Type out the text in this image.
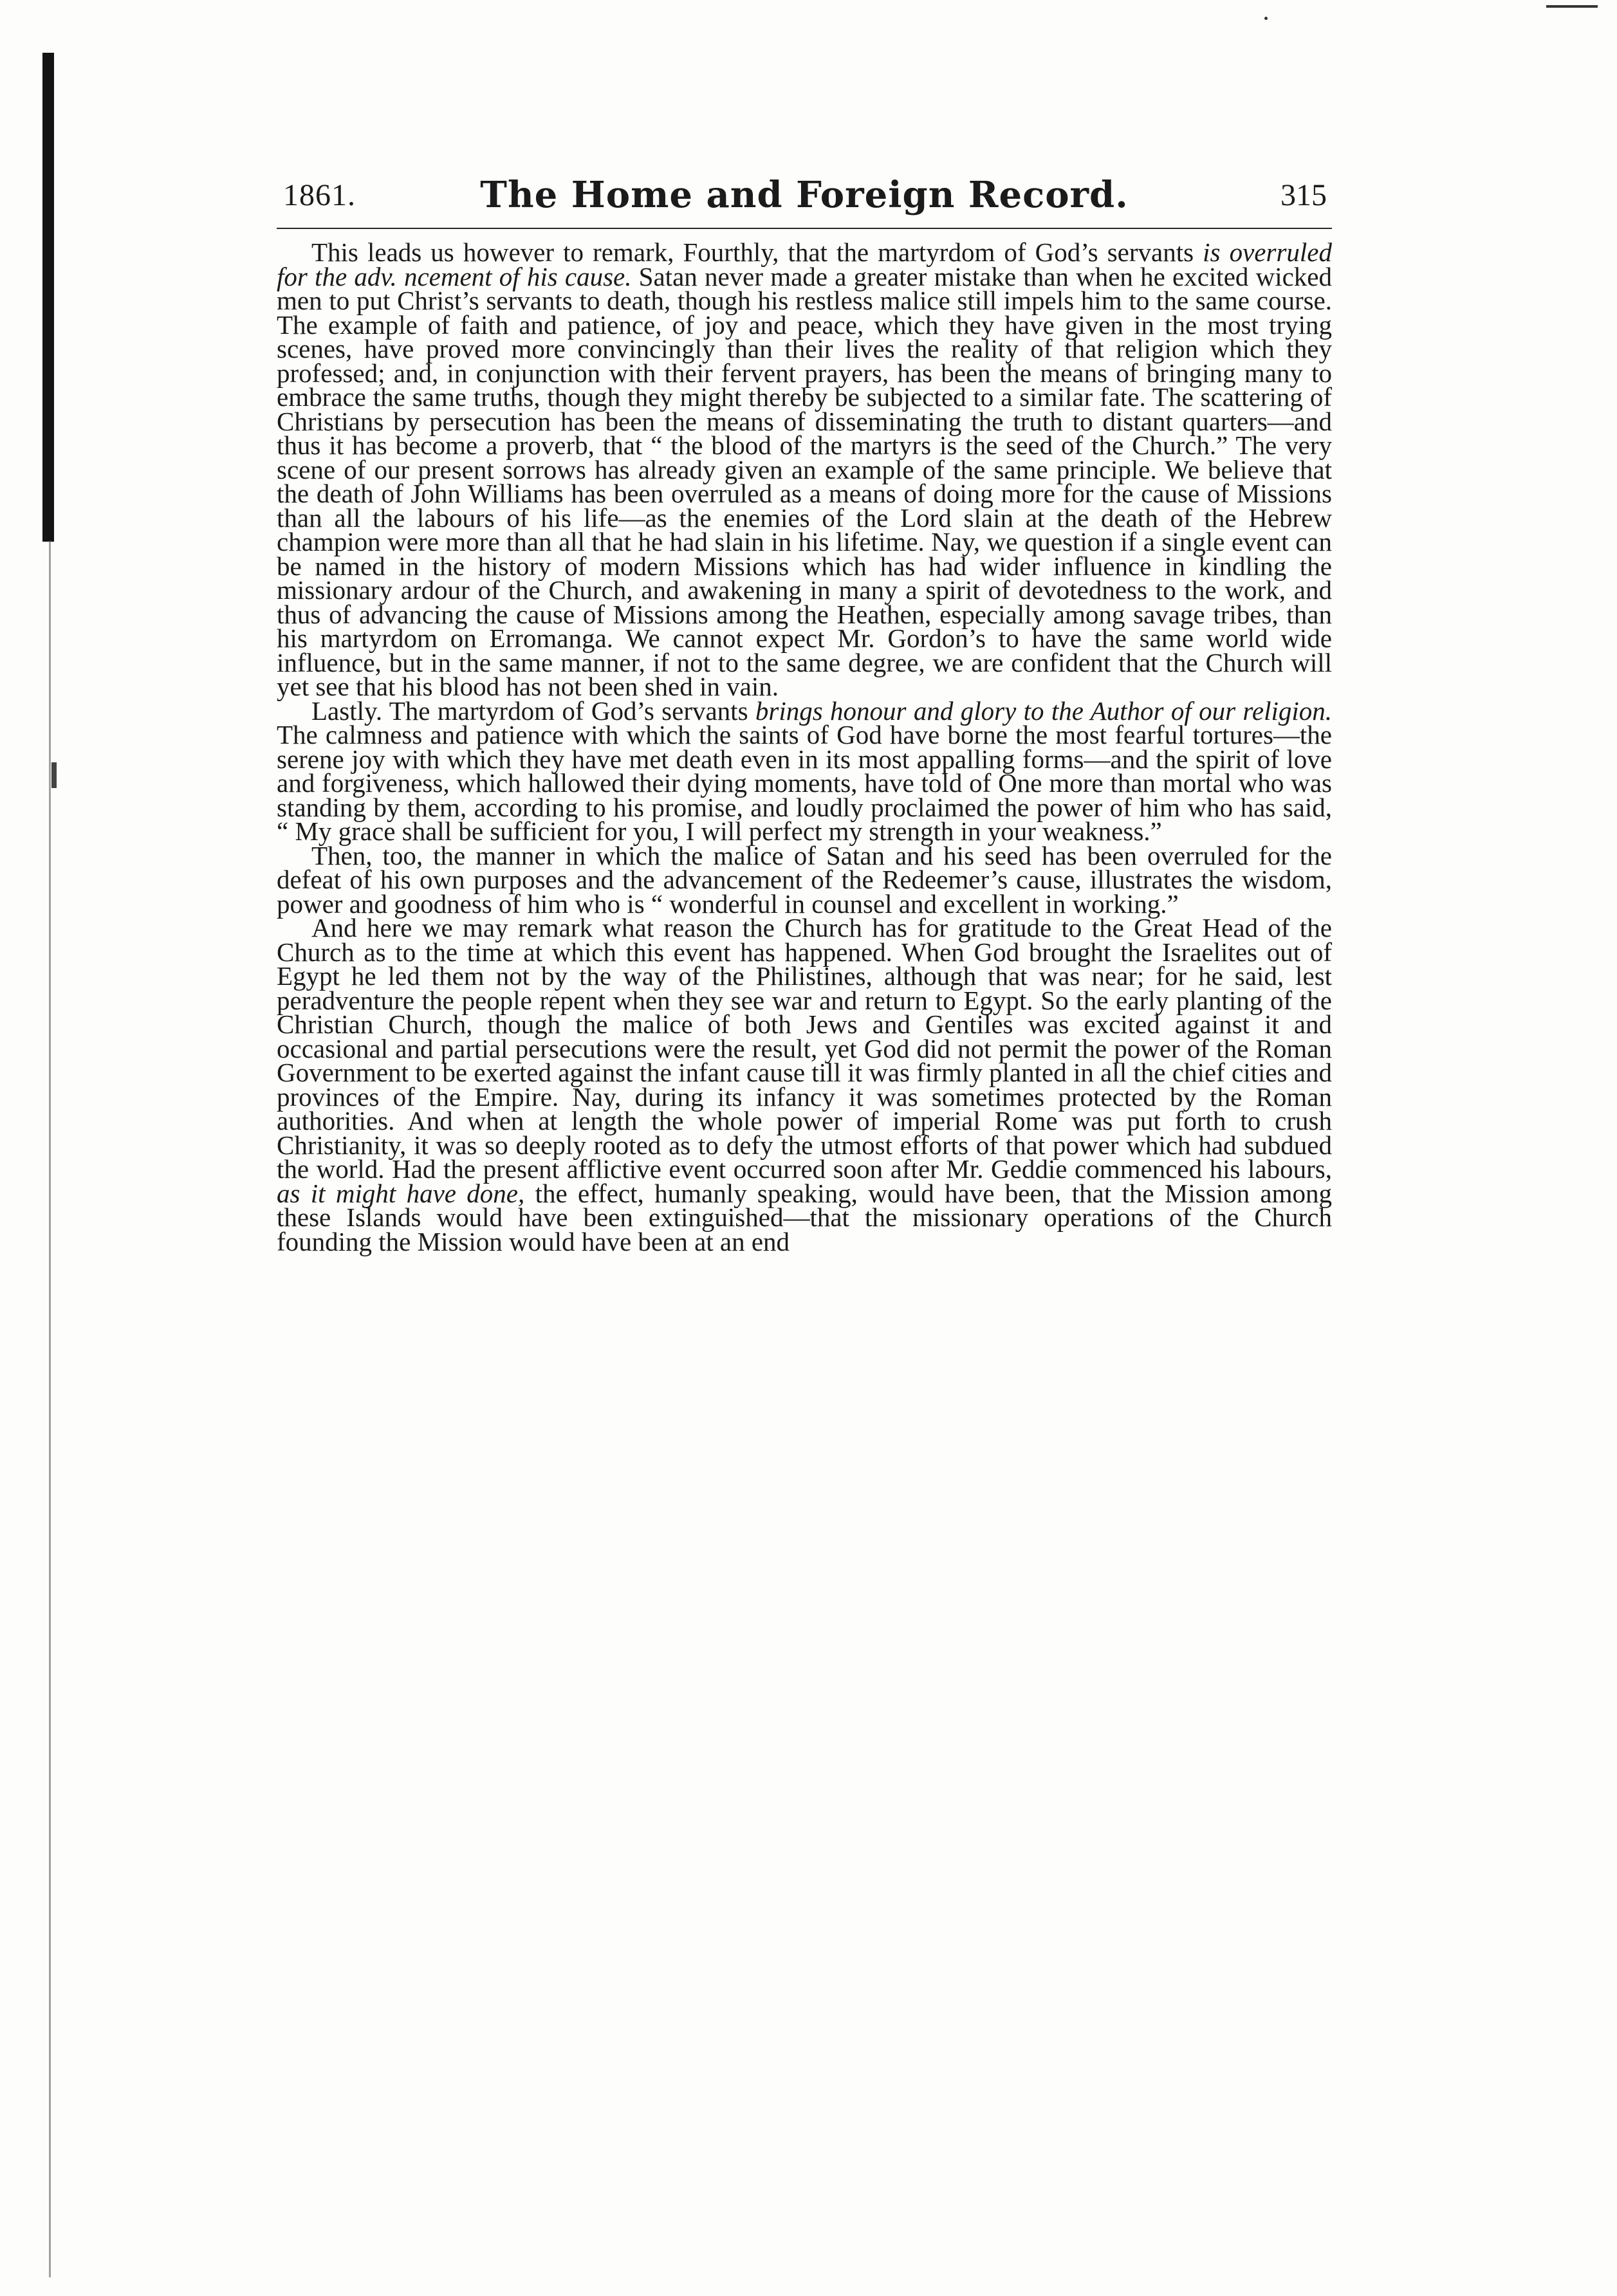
1861.	The Home and Foreign Record.	315

This leads us however to remark, Fourthly, that the martyrdom of God’s servants is overruled for the adv. ncement of his cause. Satan never made a greater mistake than when he excited wicked men to put Christ’s servants to death, though his restless malice still impels him to the same course. The example of faith and patience, of joy and peace, which they have given in the most trying scenes, have proved more convincingly than their lives the reality of that religion which they professed; and, in conjunction with their fervent prayers, has been the means of bringing many to embrace the same truths, though they might thereby be subjected to a similar fate. The scattering of Christians by persecution has been the means of disseminating the truth to distant quarters—and thus it has become a proverb, that “ the blood of the martyrs is the seed of the Church.” The very scene of our present sorrows has already given an example of the same principle. We believe that the death of John Williams has been overruled as a means of doing more for the cause of Missions than all the labours of his life—as the enemies of the Lord slain at the death of the Hebrew champion were more than all that he had slain in his lifetime. Nay, we question if a single event can be named in the history of modern Missions which has had wider influence in kindling the missionary ardour of the Church, and awakening in many a spirit of devotedness to the work, and thus of advancing the cause of Missions among the Heathen, especially among savage tribes, than his martyrdom on Erromanga. We cannot expect Mr. Gordon’s to have the same world wide influence, but in the same manner, if not to the same degree, we are confident that the Church will yet see that his blood has not been shed in vain.

Lastly. The martyrdom of God’s servants brings honour and glory to the Author of our religion. The calmness and patience with which the saints of God have borne the most fearful tortures—the serene joy with which they have met death even in its most appalling forms—and the spirit of love and forgiveness, which hallowed their dying moments, have told of One more than mortal who was standing by them, according to his promise, and loudly proclaimed the power of him who has said, “ My grace shall be sufficient for you, I will perfect my strength in your weakness.”

Then, too, the manner in which the malice of Satan and his seed has been overruled for the defeat of his own purposes and the advancement of the Redeemer’s cause, illustrates the wisdom, power and goodness of him who is “ wonderful in counsel and excellent in working.”

And here we may remark what reason the Church has for gratitude to the Great Head of the Church as to the time at which this event has happened. When God brought the Israelites out of Egypt he led them not by the way of the Philistines, although that was near; for he said, lest peradventure the people repent when they see war and return to Egypt. So the early planting of the Christian Church, though the malice of both Jews and Gentiles was excited against it and occasional and partial persecutions were the result, yet God did not permit the power of the Roman Government to be exerted against the infant cause till it was firmly planted in all the chief cities and provinces of the Empire. Nay, during its infancy it was sometimes protected by the Roman authorities. And when at length the whole power of imperial Rome was put forth to crush Christianity, it was so deeply rooted as to defy the utmost efforts of that power which had subdued the world. Had the present afflictive event occurred soon after Mr. Geddie commenced his labours, as it might have done, the effect, humanly speaking, would have been, that the Mission among these Islands would have been extinguished—that the missionary operations of the Church founding the Mission would have been at an end
